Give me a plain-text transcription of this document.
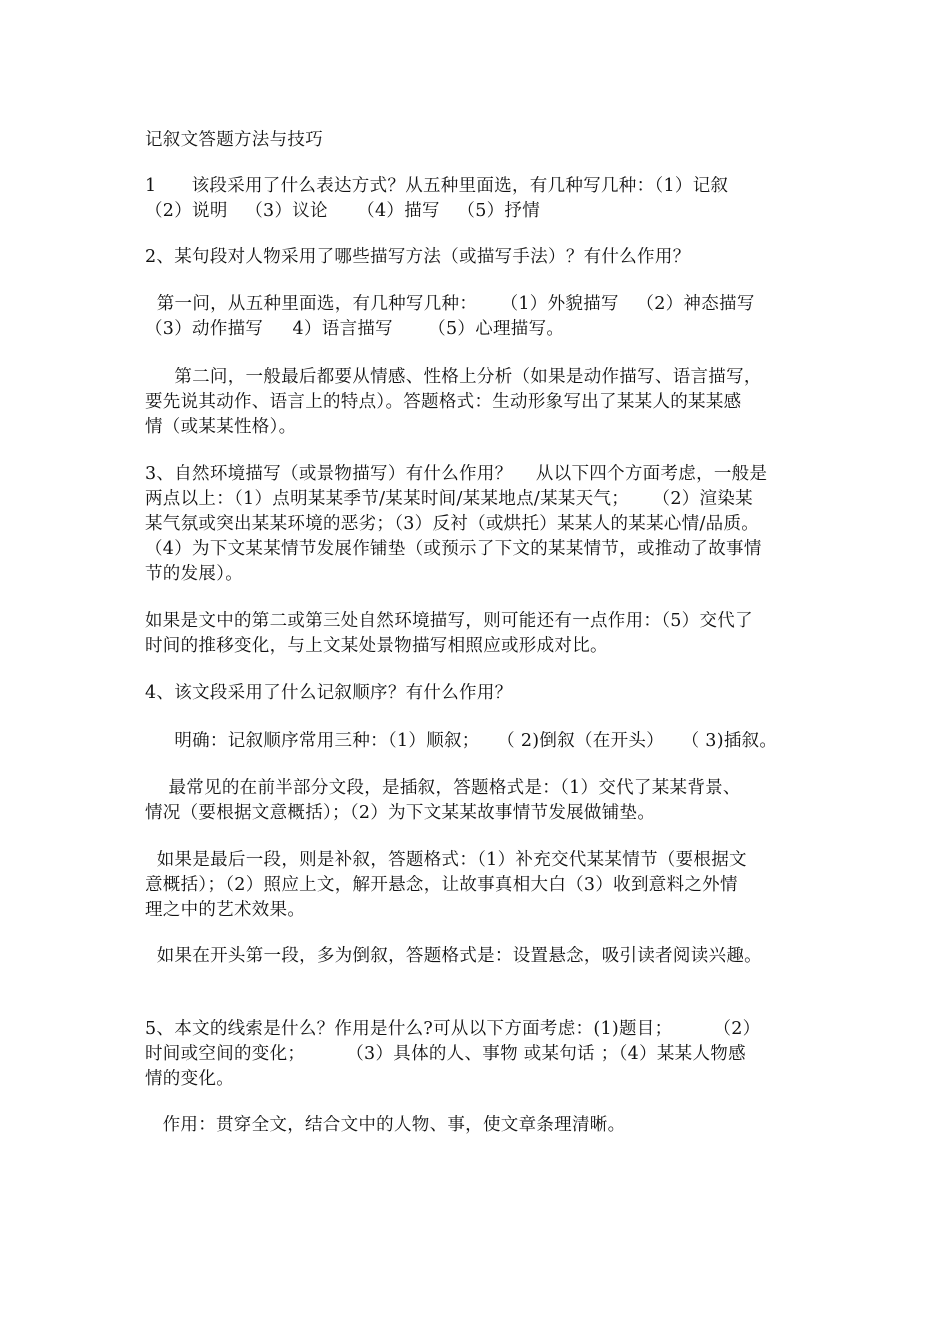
记叙文答题方法与技巧
1      该段采用了什么表达方式？从五种里面选，有几种写几种：（1）记叙
（2）说明   （3）议论     （4）描写   （5）抒情
2、某句段对人物采用了哪些描写方法（或描写手法）？有什么作用？
第一问，从五种里面选，有几种写几种：    （1）外貌描写   （2）神态描写
（3）动作描写     4）语言描写      （5）心理描写。
第二问，一般最后都要从情感、性格上分析（如果是动作描写、语言描写，
要先说其动作、语言上的特点）。答题格式：生动形象写出了某某人的某某感
情（或某某性格）。
3、自然环境描写（或景物描写）有什么作用？    从以下四个方面考虑，一般是
两点以上：（1）点明某某季节/某某时间/某某地点/某某天气；    （2）渲染某
某气氛或突出某某环境的恶劣；（3）反衬（或烘托）某某人的某某心情/品质。
（4）为下文某某情节发展作铺垫（或预示了下文的某某情节，或推动了故事情
节的发展）。
如果是文中的第二或第三处自然环境描写，则可能还有一点作用：（5）交代了
时间的推移变化，与上文某处景物描写相照应或形成对比。
4、该文段采用了什么记叙顺序？有什么作用？
明确：记叙顺序常用三种：（1）顺叙；   （ 2)倒叙（在开头）   （ 3)插叙。
最常见的在前半部分文段，是插叙，答题格式是：（1）交代了某某背景、
情况（要根据文意概括）；（2）为下文某某故事情节发展做铺垫。
如果是最后一段，则是补叙，答题格式：（1）补充交代某某情节（要根据文
意概括）；（2）照应上文，解开悬念，让故事真相大白（3）收到意料之外情
理之中的艺术效果。
如果在开头第一段，多为倒叙，答题格式是：设置悬念，吸引读者阅读兴趣。
5、本文的线索是什么？作用是什么?可从以下方面考虑：(1)题目；       （2）
时间或空间的变化；       （3）具体的人、事物 或某句话 ；（4）某某人物感
情的变化。
作用：贯穿全文，结合文中的人物、事，使文章条理清晰。
